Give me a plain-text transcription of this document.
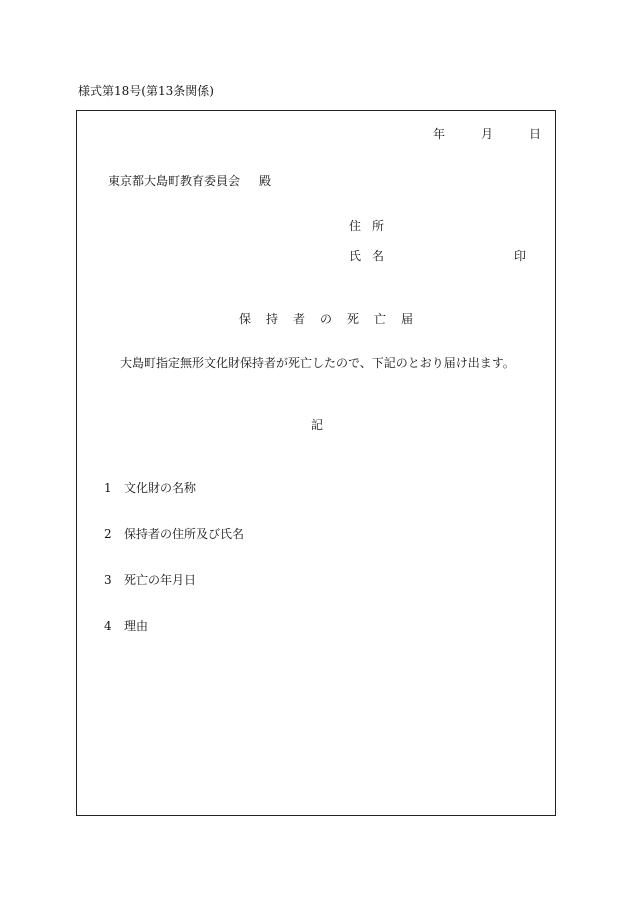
様式第18号(第13条関係)
年	月	日
東京都大島町教育委員会 殿
住所
氏名	印
保持者の死亡届
大島町指定無形文化財保持者が死亡したので、下記のとおり届け出ます。
記
1 文化財の名称
2 保持者の住所及び氏名
3 死亡の年月日
4 理由
